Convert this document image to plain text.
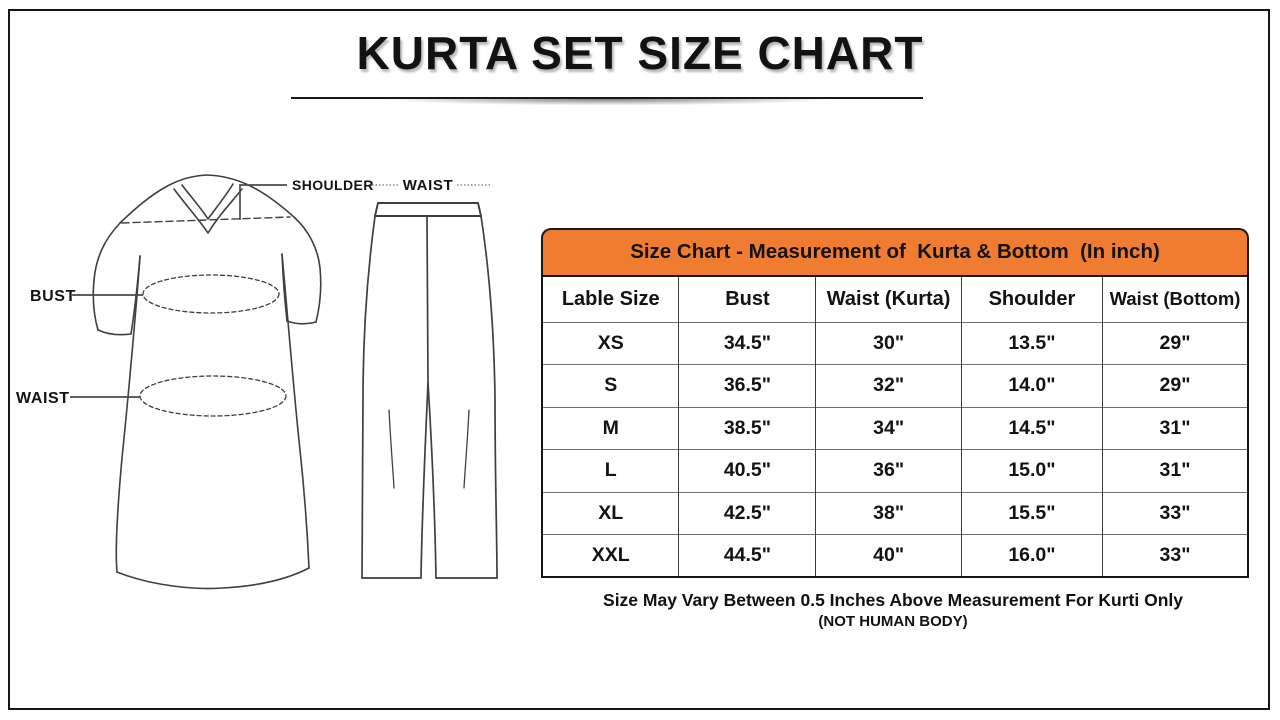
KURTA SET SIZE CHART
SHOULDER
BUST
WAIST
WAIST
Size Chart - Measurement of  Kurta & Bottom  (In inch)
Lable Size	Bust	Waist (Kurta)	Shoulder	Waist (Bottom)
XS	34.5"	30"	13.5"	29"
S	36.5"	32"	14.0"	29"
M	38.5"	34"	14.5"	31"
L	40.5"	36"	15.0"	31"
XL	42.5"	38"	15.5"	33"
XXL	44.5"	40"	16.0"	33"
Size May Vary Between 0.5 Inches Above Measurement For Kurti Only
(NOT HUMAN BODY)
